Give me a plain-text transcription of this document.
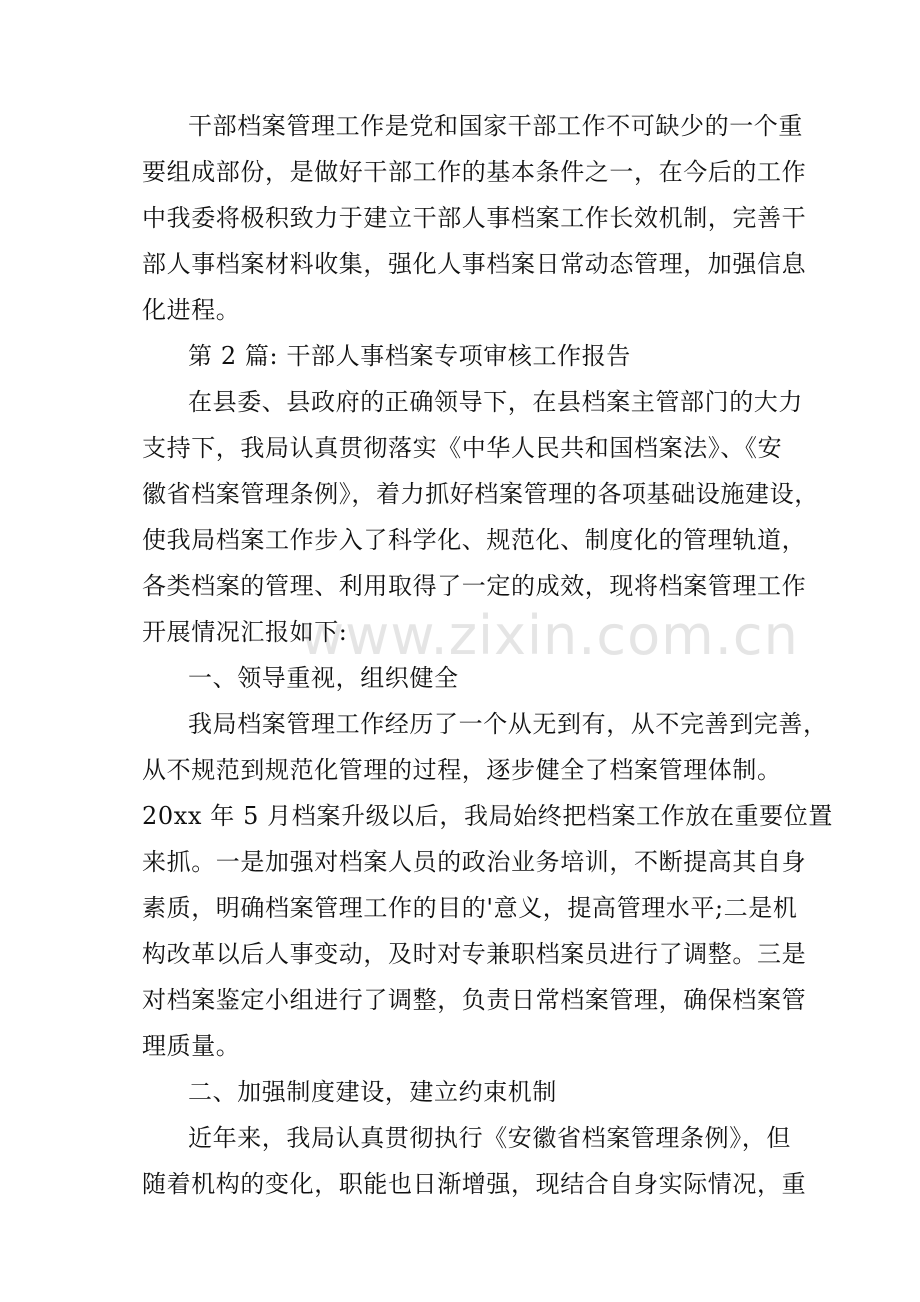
www.zixin.com.cn
干部档案管理工作是党和国家干部工作不可缺少的一个重
要组成部份，是做好干部工作的基本条件之一，在今后的工作
中我委将极积致力于建立干部人事档案工作长效机制，完善干
部人事档案材料收集，强化人事档案日常动态管理，加强信息
化进程。
第 2 篇: 干部人事档案专项审核工作报告
在县委、县政府的正确领导下，在县档案主管部门的大力
支持下，我局认真贯彻落实《中华人民共和国档案法》、《安
徽省档案管理条例》，着力抓好档案管理的各项基础设施建设，
使我局档案工作步入了科学化、规范化、制度化的管理轨道，
各类档案的管理、利用取得了一定的成效，现将档案管理工作
开展情况汇报如下:
一、领导重视，组织健全
我局档案管理工作经历了一个从无到有，从不完善到完善，
从不规范到规范化管理的过程，逐步健全了档案管理体制。
20xx 年 5 月档案升级以后，我局始终把档案工作放在重要位置
来抓。一是加强对档案人员的政治业务培训，不断提高其自身
素质，明确档案管理工作的目的'意义，提高管理水平;二是机
构改革以后人事变动，及时对专兼职档案员进行了调整。三是
对档案鉴定小组进行了调整，负责日常档案管理，确保档案管
理质量。
二、加强制度建设，建立约束机制
近年来，我局认真贯彻执行《安徽省档案管理条例》，但
随着机构的变化，职能也日渐增强，现结合自身实际情况，重
